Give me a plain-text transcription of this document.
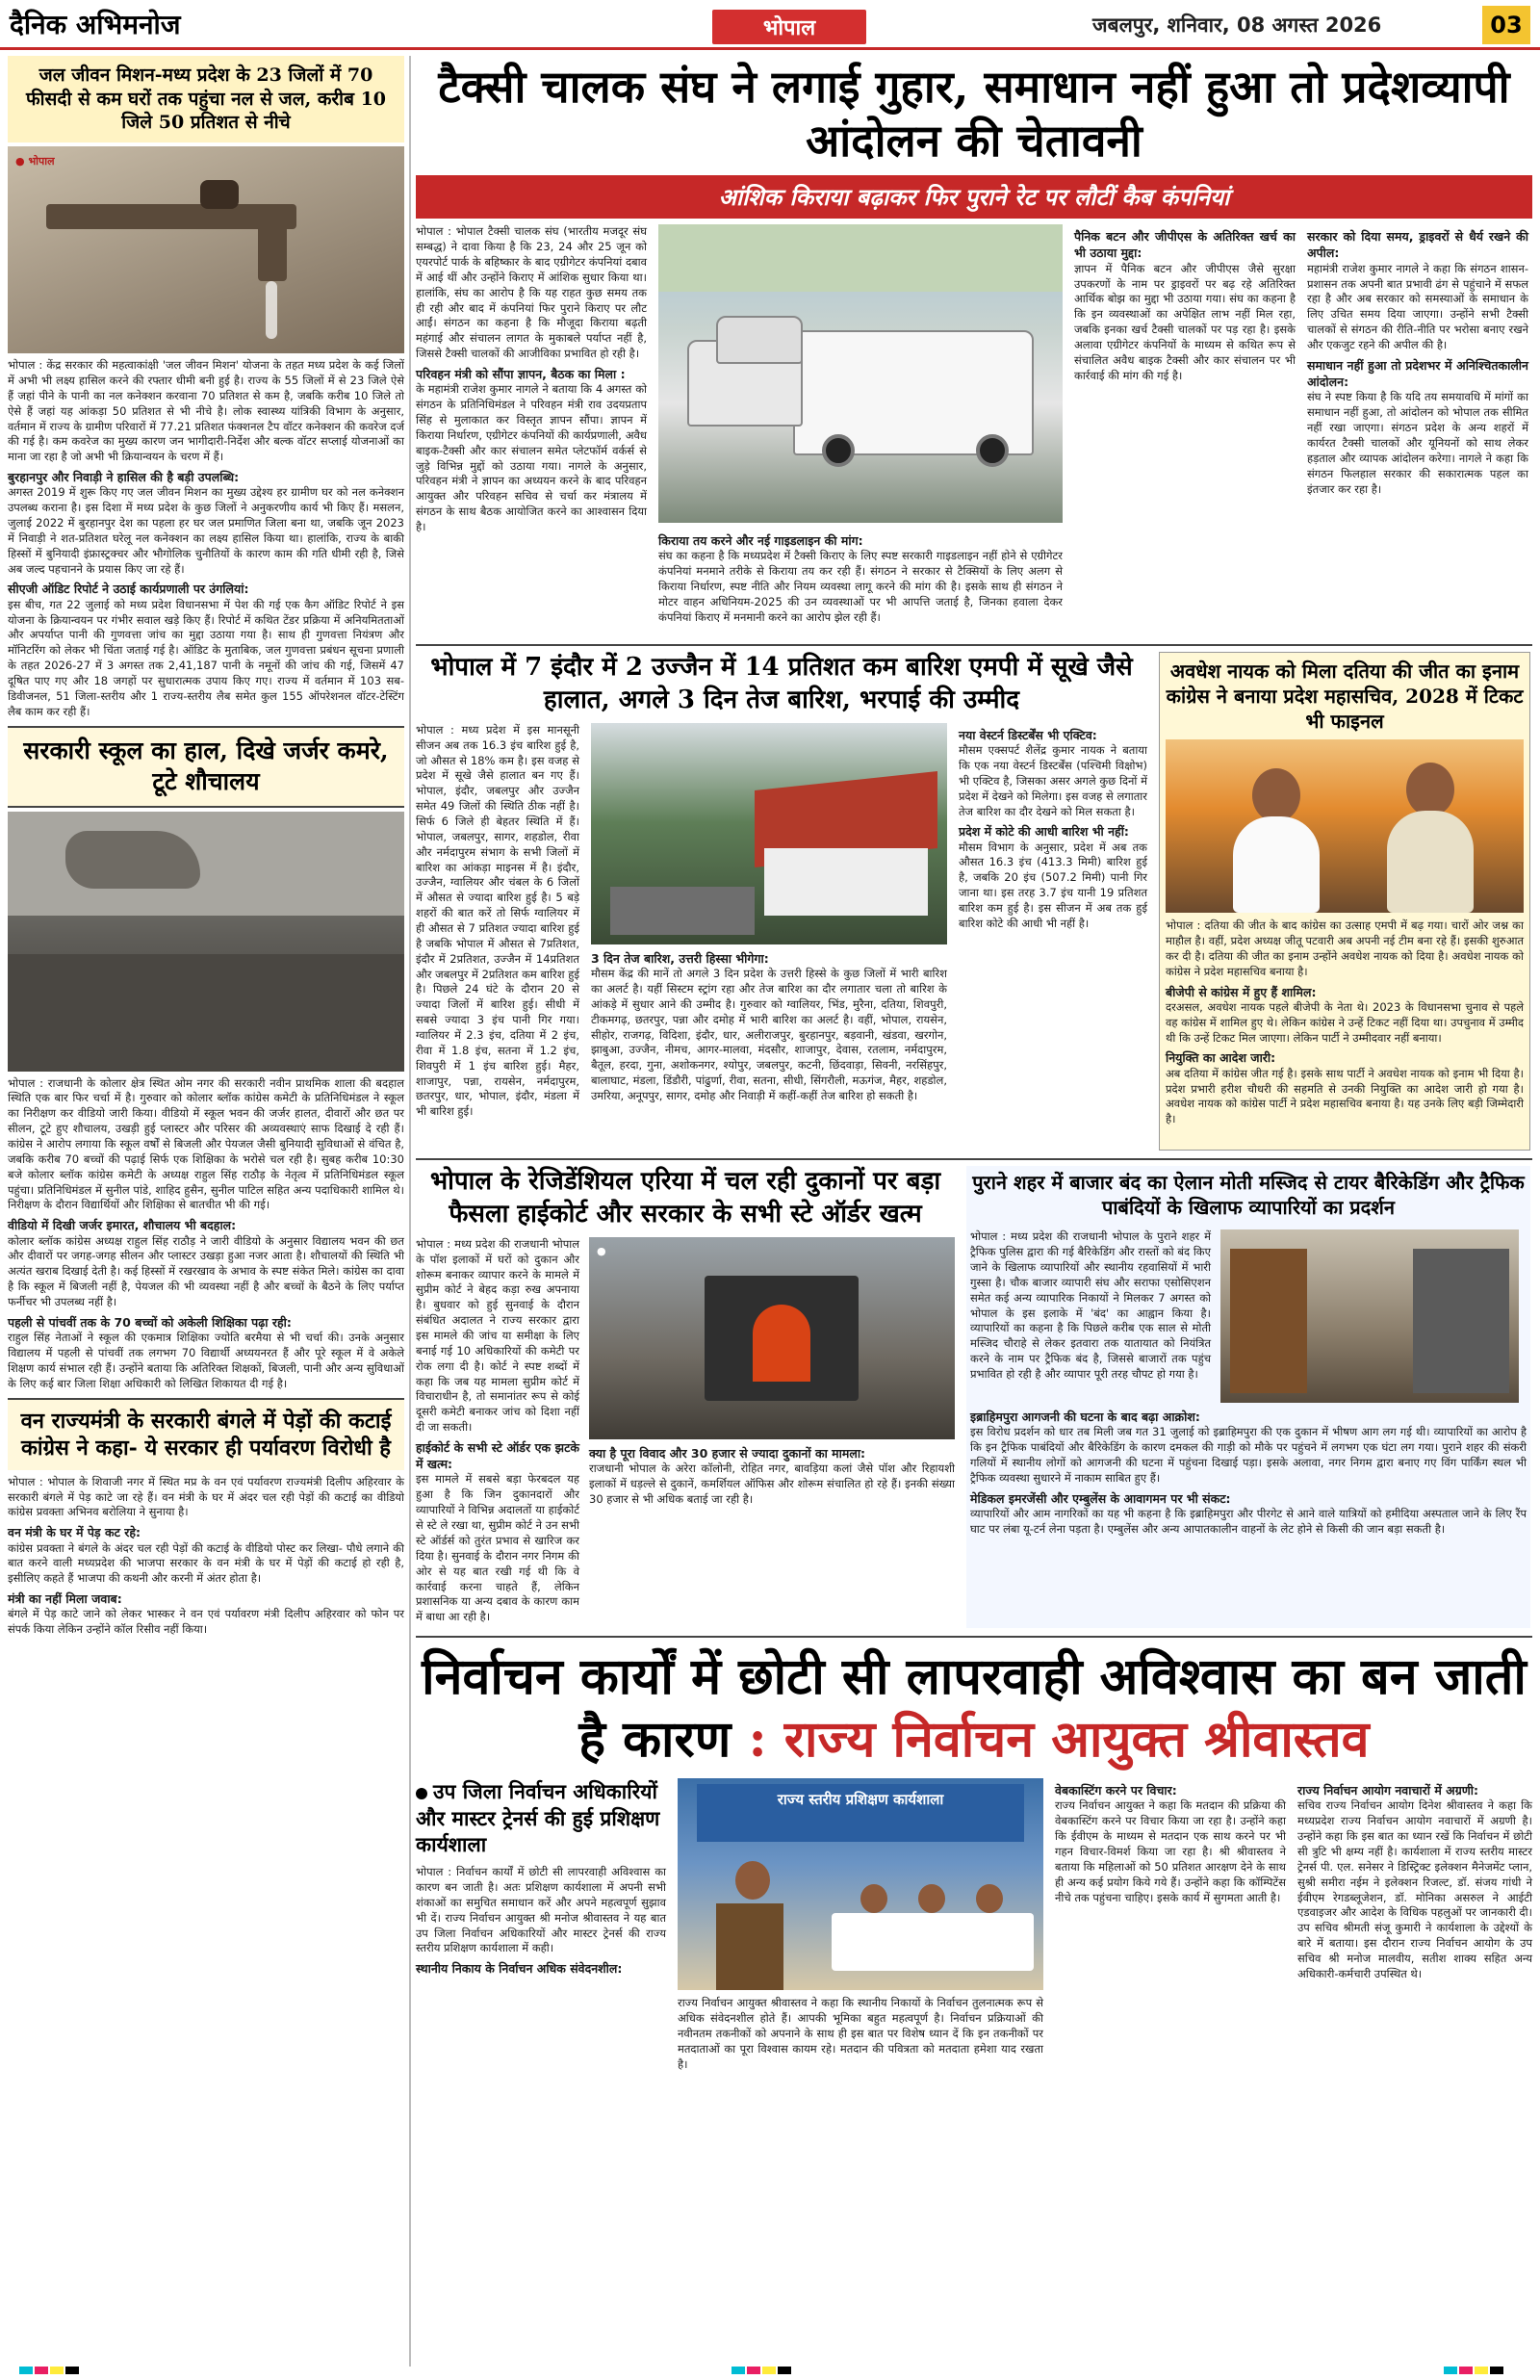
दैनिक अभिमनोज	भोपाल	जबलपुर, शनिवार, 08 अगस्त 2026	03
जल जीवन मिशन-मध्य प्रदेश के 23 जिलों में 70 फीसदी से कम घरों तक पहुंचा नल से जल, करीब 10 जिले 50 प्रतिशत से नीचे
● भोपाल

भोपाल : केंद्र सरकार की महत्वाकांक्षी 'जल जीवन मिशन' योजना के तहत मध्य प्रदेश के कई जिलों में अभी भी लक्ष्य हासिल करने की रफ्तार धीमी बनी हुई है। राज्य के 55 जिलों में से 23 जिले ऐसे हैं जहां पीने के पानी का नल कनेक्शन करवाना 70 प्रतिशत से कम है, जबकि करीब 10 जिले तो ऐसे हैं जहां यह आंकड़ा 50 प्रतिशत से भी नीचे है। लोक स्वास्थ्य यांत्रिकी विभाग के अनुसार, वर्तमान में राज्य के ग्रामीण परिवारों में 77.21 प्रतिशत फंक्शनल टैप वॉटर कनेक्शन की कवरेज दर्ज की गई है। कम कवरेज का मुख्य कारण जन भागीदारी-निर्देश और बल्क वॉटर सप्लाई योजनाओं का माना जा रहा है जो अभी भी क्रियान्वयन के चरण में हैं।

बुरहानपुर और निवाड़ी ने हासिल की है बड़ी उपलब्धि:

अगस्त 2019 में शुरू किए गए जल जीवन मिशन का मुख्य उद्देश्य हर ग्रामीण घर को नल कनेक्शन उपलब्ध कराना है। इस दिशा में मध्य प्रदेश के कुछ जिलों ने अनुकरणीय कार्य भी किए हैं। मसलन, जुलाई 2022 में बुरहानपुर देश का पहला हर घर जल प्रमाणित जिला बना था, जबकि जून 2023 में निवाड़ी ने शत-प्रतिशत घरेलू नल कनेक्शन का लक्ष्य हासिल किया था। हालांकि, राज्य के बाकी हिस्सों में बुनियादी इंफ्रास्ट्रक्चर और भौगोलिक चुनौतियों के कारण काम की गति धीमी रही है, जिसे अब जल्द पहचानने के प्रयास किए जा रहे हैं।

सीएजी ऑडिट रिपोर्ट ने उठाई कार्यप्रणाली पर उंगलियां:

इस बीच, गत 22 जुलाई को मध्य प्रदेश विधानसभा में पेश की गई एक कैग ऑडिट रिपोर्ट ने इस योजना के क्रियान्वयन पर गंभीर सवाल खड़े किए हैं। रिपोर्ट में कथित टेंडर प्रक्रिया में अनियमितताओं और अपर्याप्त पानी की गुणवत्ता जांच का मुद्दा उठाया गया है। साथ ही गुणवत्ता नियंत्रण और मॉनिटरिंग को लेकर भी चिंता जताई गई है। ऑडिट के मुताबिक, जल गुणवत्ता प्रबंधन सूचना प्रणाली के तहत 2026-27 में 3 अगस्त तक 2,41,187 पानी के नमूनों की जांच की गई, जिसमें 47 दूषित पाए गए और 18 जगहों पर सुधारात्मक उपाय किए गए। राज्य में वर्तमान में 103 सब-डिवीजनल, 51 जिला-स्तरीय और 1 राज्य-स्तरीय लैब समेत कुल 155 ऑपरेशनल वॉटर-टेस्टिंग लैब काम कर रही हैं।

सरकारी स्कूल का हाल, दिखे जर्जर कमरे, टूटे शौचालय

भोपाल : राजधानी के कोलार क्षेत्र स्थित ओम नगर की सरकारी नवीन प्राथमिक शाला की बदहाल स्थिति एक बार फिर चर्चा में है। गुरुवार को कोलार ब्लॉक कांग्रेस कमेटी के प्रतिनिधिमंडल ने स्कूल का निरीक्षण कर वीडियो जारी किया। वीडियो में स्कूल भवन की जर्जर हालत, दीवारों और छत पर सीलन, टूटे हुए शौचालय, उखड़ी हुई प्लास्टर और परिसर की अव्यवस्थाएं साफ दिखाई दे रही हैं। कांग्रेस ने आरोप लगाया कि स्कूल वर्षों से बिजली और पेयजल जैसी बुनियादी सुविधाओं से वंचित है, जबकि करीब 70 बच्चों की पढ़ाई सिर्फ एक शिक्षिका के भरोसे चल रही है। सुबह करीब 10:30 बजे कोलार ब्लॉक कांग्रेस कमेटी के अध्यक्ष राहुल सिंह राठौड़ के नेतृत्व में प्रतिनिधिमंडल स्कूल पहुंचा। प्रतिनिधिमंडल में सुनील पांडे, शाहिद हुसैन, सुनील पाटिल सहित अन्य पदाधिकारी शामिल थे। निरीक्षण के दौरान विद्यार्थियों और शिक्षिका से बातचीत भी की गई।

वीडियो में दिखी जर्जर इमारत, शौचालय भी बदहाल:

कोलार ब्लॉक कांग्रेस अध्यक्ष राहुल सिंह राठौड़ ने जारी वीडियो के अनुसार विद्यालय भवन की छत और दीवारों पर जगह-जगह सीलन और प्लास्टर उखड़ा हुआ नजर आता है। शौचालयों की स्थिति भी अत्यंत खराब दिखाई देती है। कई हिस्सों में रखरखाव के अभाव के स्पष्ट संकेत मिले। कांग्रेस का दावा है कि स्कूल में बिजली नहीं है, पेयजल की भी व्यवस्था नहीं है और बच्चों के बैठने के लिए पर्याप्त फर्नीचर भी उपलब्ध नहीं है।

पहली से पांचवीं तक के 70 बच्चों को अकेली शिक्षिका पढ़ा रही:

राहुल सिंह नेताओं ने स्कूल की एकमात्र शिक्षिका ज्योति बरमैया से भी चर्चा की। उनके अनुसार विद्यालय में पहली से पांचवीं तक लगभग 70 विद्यार्थी अध्ययनरत हैं और पूरे स्कूल में वे अकेले शिक्षण कार्य संभाल रही हैं। उन्होंने बताया कि अतिरिक्त शिक्षकों, बिजली, पानी और अन्य सुविधाओं के लिए कई बार जिला शिक्षा अधिकारी को लिखित शिकायत दी गई है।

वन राज्यमंत्री के सरकारी बंगले में पेड़ों की कटाई कांग्रेस ने कहा- ये सरकार ही पर्यावरण विरोधी है

भोपाल : भोपाल के शिवाजी नगर में स्थित मप्र के वन एवं पर्यावरण राज्यमंत्री दिलीप अहिरवार के सरकारी बंगले में पेड़ काटे जा रहे हैं। वन मंत्री के घर में अंदर चल रही पेड़ों की कटाई का वीडियो कांग्रेस प्रवक्ता अभिनव बरोलिया ने सुनाया है।

वन मंत्री के घर में पेड़ कट रहे:

कांग्रेस प्रवक्ता ने बंगले के अंदर चल रही पेड़ों की कटाई के वीडियो पोस्ट कर लिखा- पौधे लगाने की बात करने वाली मध्यप्रदेश की भाजपा सरकार के वन मंत्री के घर में पेड़ों की कटाई हो रही है, इसीलिए कहते हैं भाजपा की कथनी और करनी में अंतर होता है।

मंत्री का नहीं मिला जवाब:

बंगले में पेड़ काटे जाने को लेकर भास्कर ने वन एवं पर्यावरण मंत्री दिलीप अहिरवार को फोन पर संपर्क किया लेकिन उन्होंने कॉल रिसीव नहीं किया।

टैक्सी चालक संघ ने लगाई गुहार, समाधान नहीं हुआ तो प्रदेशव्यापी आंदोलन की चेतावनी
आंशिक किराया बढ़ाकर फिर पुराने रेट पर लौटीं कैब कंपनियां

भोपाल : भोपाल टैक्सी चालक संघ (भारतीय मजदूर संघ सम्बद्ध) ने दावा किया है कि 23, 24 और 25 जून को एयरपोर्ट पार्क के बहिष्कार के बाद एग्रीगेटर कंपनियां दबाव में आई थीं और उन्होंने किराए में आंशिक सुधार किया था। हालांकि, संघ का आरोप है कि यह राहत कुछ समय तक ही रही और बाद में कंपनियां फिर पुराने किराए पर लौट आईं। संगठन का कहना है कि मौजूदा किराया बढ़ती महंगाई और संचालन लागत के मुकाबले पर्याप्त नहीं है, जिससे टैक्सी चालकों की आजीविका प्रभावित हो रही है।

परिवहन मंत्री को सौंपा ज्ञापन, बैठक का मिला :

के महामंत्री राजेश कुमार नागले ने बताया कि 4 अगस्त को संगठन के प्रतिनिधिमंडल ने परिवहन मंत्री राव उदयप्रताप सिंह से मुलाकात कर विस्तृत ज्ञापन सौंपा। ज्ञापन में किराया निर्धारण, एग्रीगेटर कंपनियों की कार्यप्रणाली, अवैध बाइक-टैक्सी और कार संचालन समेत प्लेटफॉर्म वर्कर्स से जुड़े विभिन्न मुद्दों को उठाया गया। नागले के अनुसार, परिवहन मंत्री ने ज्ञापन का अध्ययन करने के बाद परिवहन आयुक्त और परिवहन सचिव से चर्चा कर मंत्रालय में संगठन के साथ बैठक आयोजित करने का आश्वासन दिया है।

किराया तय करने और नई गाइडलाइन की मांग:

संघ का कहना है कि मध्यप्रदेश में टैक्सी किराए के लिए स्पष्ट सरकारी गाइडलाइन नहीं होने से एग्रीगेटर कंपनियां मनमाने तरीके से किराया तय कर रही हैं। संगठन ने सरकार से टैक्सियों के लिए अलग से किराया निर्धारण, स्पष्ट नीति और नियम व्यवस्था लागू करने की मांग की है। इसके साथ ही संगठन ने मोटर वाहन अधिनियम-2025 की उन व्यवस्थाओं पर भी आपत्ति जताई है, जिनका हवाला देकर कंपनियां किराए में मनमानी करने का आरोप झेल रही हैं।

पैनिक बटन और जीपीएस के अतिरिक्त खर्च का भी उठाया मुद्दा:

ज्ञापन में पैनिक बटन और जीपीएस जैसे सुरक्षा उपकरणों के नाम पर ड्राइवरों पर बढ़ रहे अतिरिक्त आर्थिक बोझ का मुद्दा भी उठाया गया। संघ का कहना है कि इन व्यवस्थाओं का अपेक्षित लाभ नहीं मिल रहा, जबकि इनका खर्च टैक्सी चालकों पर पड़ रहा है। इसके अलावा एग्रीगेटर कंपनियों के माध्यम से कथित रूप से संचालित अवैध बाइक टैक्सी और कार संचालन पर भी कार्रवाई की मांग की गई है।

सरकार को दिया समय, ड्राइवरों से धैर्य रखने की अपील:

महामंत्री राजेश कुमार नागले ने कहा कि संगठन शासन-प्रशासन तक अपनी बात प्रभावी ढंग से पहुंचाने में सफल रहा है और अब सरकार को समस्याओं के समाधान के लिए उचित समय दिया जाएगा। उन्होंने सभी टैक्सी चालकों से संगठन की रीति-नीति पर भरोसा बनाए रखने और एकजुट रहने की अपील की है।

समाधान नहीं हुआ तो प्रदेशभर में अनिश्चितकालीन आंदोलन:

संघ ने स्पष्ट किया है कि यदि तय समयावधि में मांगों का समाधान नहीं हुआ, तो आंदोलन को भोपाल तक सीमित नहीं रखा जाएगा। संगठन प्रदेश के अन्य शहरों में कार्यरत टैक्सी चालकों और यूनियनों को साथ लेकर हड़ताल और व्यापक आंदोलन करेगा। नागले ने कहा कि संगठन फिलहाल सरकार की सकारात्मक पहल का इंतजार कर रहा है।

भोपाल में 7 इंदौर में 2 उज्जैन में 14 प्रतिशत कम बारिश एमपी में सूखे जैसे हालात, अगले 3 दिन तेज बारिश, भरपाई की उम्मीद

भोपाल : मध्य प्रदेश में इस मानसूनी सीजन अब तक 16.3 इंच बारिश हुई है, जो औसत से 18% कम है। इस वजह से प्रदेश में सूखे जैसे हालात बन गए हैं। भोपाल, इंदौर, जबलपुर और उज्जैन समेत 49 जिलों की स्थिति ठीक नहीं है। सिर्फ 6 जिले ही बेहतर स्थिति में हैं। भोपाल, जबलपुर, सागर, शहडोल, रीवा और नर्मदापुरम संभाग के सभी जिलों में बारिश का आंकड़ा माइनस में है। इंदौर, उज्जैन, ग्वालियर और चंबल के 6 जिलों में औसत से ज्यादा बारिश हुई है। 5 बड़े शहरों की बात करें तो सिर्फ ग्वालियर में ही औसत से 7 प्रतिशत ज्यादा बारिश हुई है जबकि भोपाल में औसत से 7प्रतिशत, इंदौर में 2प्रतिशत, उज्जैन में 14प्रतिशत और जबलपुर में 2प्रतिशत कम बारिश हुई है। पिछले 24 घंटे के दौरान 20 से ज्यादा जिलों में बारिश हुई। सीधी में सबसे ज्यादा 3 इंच पानी गिर गया। ग्वालियर में 2.3 इंच, दतिया में 2 इंच, रीवा में 1.8 इंच, सतना में 1.2 इंच, शिवपुरी में 1 इंच बारिश हुई। मैहर, शाजापुर, पन्ना, रायसेन, नर्मदापुरम, छतरपुर, धार, भोपाल, इंदौर, मंडला में भी बारिश हुई।

3 दिन तेज बारिश, उत्तरी हिस्सा भीगेगा:

मौसम केंद्र की मानें तो अगले 3 दिन प्रदेश के उत्तरी हिस्से के कुछ जिलों में भारी बारिश का अलर्ट है। यहीं सिस्टम स्ट्रांग रहा और तेज बारिश का दौर लगातार चला तो बारिश के आंकड़े में सुधार आने की उम्मीद है। गुरुवार को ग्वालियर, भिंड, मुरैना, दतिया, शिवपुरी, टीकमगढ़, छतरपुर, पन्ना और दमोह में भारी बारिश का अलर्ट है। वहीं, भोपाल, रायसेन, सीहोर, राजगढ़, विदिशा, इंदौर, धार, अलीराजपुर, बुरहानपुर, बड़वानी, खंडवा, खरगोन, झाबुआ, उज्जैन, नीमच, आगर-मालवा, मंदसौर, शाजापुर, देवास, रतलाम, नर्मदापुरम, बैतूल, हरदा, गुना, अशोकनगर, श्योपुर, जबलपुर, कटनी, छिंदवाड़ा, सिवनी, नरसिंहपुर, बालाघाट, मंडला, डिंडौरी, पांढुर्णा, रीवा, सतना, सीधी, सिंगरौली, मऊगंज, मैहर, शहडोल, उमरिया, अनूपपुर, सागर, दमोह और निवाड़ी में कहीं-कहीं तेज बारिश हो सकती है।

नया वेस्टर्न डिस्टर्बेंस भी एक्टिव:

मौसम एक्सपर्ट शैलेंद्र कुमार नायक ने बताया कि एक नया वेस्टर्न डिस्टर्बेंस (पश्चिमी विक्षोभ) भी एक्टिव है, जिसका असर अगले कुछ दिनों में प्रदेश में देखने को मिलेगा। इस वजह से लगातार तेज बारिश का दौर देखने को मिल सकता है।

प्रदेश में कोटे की आधी बारिश भी नहीं:

मौसम विभाग के अनुसार, प्रदेश में अब तक औसत 16.3 इंच (413.3 मिमी) बारिश हुई है, जबकि 20 इंच (507.2 मिमी) पानी गिर जाना था। इस तरह 3.7 इंच यानी 19 प्रतिशत बारिश कम हुई है। इस सीजन में अब तक हुई बारिश कोटे की आधी भी नहीं है।

अवधेश नायक को मिला दतिया की जीत का इनाम कांग्रेस ने बनाया प्रदेश महासचिव, 2028 में टिकट भी फाइनल

भोपाल : दतिया की जीत के बाद कांग्रेस का उत्साह एमपी में बढ़ गया। चारों ओर जश्न का माहौल है। वहीं, प्रदेश अध्यक्ष जीतू पटवारी अब अपनी नई टीम बना रहे हैं। इसकी शुरुआत कर दी है। दतिया की जीत का इनाम उन्होंने अवधेश नायक को दिया है। अवधेश नायक को कांग्रेस ने प्रदेश महासचिव बनाया है।

बीजेपी से कांग्रेस में हुए हैं शामिल:

दरअसल, अवधेश नायक पहले बीजेपी के नेता थे। 2023 के विधानसभा चुनाव से पहले वह कांग्रेस में शामिल हुए थे। लेकिन कांग्रेस ने उन्हें टिकट नहीं दिया था। उपचुनाव में उम्मीद थी कि उन्हें टिकट मिल जाएगा। लेकिन पार्टी ने उम्मीदवार नहीं बनाया।

नियुक्ति का आदेश जारी:

अब दतिया में कांग्रेस जीत गई है। इसके साथ पार्टी ने अवधेश नायक को इनाम भी दिया है। प्रदेश प्रभारी हरीश चौधरी की सहमति से उनकी नियुक्ति का आदेश जारी हो गया है। अवधेश नायक को कांग्रेस पार्टी ने प्रदेश महासचिव बनाया है। यह उनके लिए बड़ी जिम्मेदारी है।

भोपाल के रेजिडेंशियल एरिया में चल रही दुकानों पर बड़ा फैसला हाईकोर्ट और सरकार के सभी स्टे ऑर्डर खत्म

भोपाल : मध्य प्रदेश की राजधानी भोपाल के पॉश इलाकों में घरों को दुकान और शोरूम बनाकर व्यापार करने के मामले में सुप्रीम कोर्ट ने बेहद कड़ा रुख अपनाया है। बुधवार को हुई सुनवाई के दौरान संबंधित अदालत ने राज्य सरकार द्वारा इस मामले की जांच या समीक्षा के लिए बनाई गई 10 अधिकारियों की कमेटी पर रोक लगा दी है। कोर्ट ने स्पष्ट शब्दों में कहा कि जब यह मामला सुप्रीम कोर्ट में विचाराधीन है, तो समानांतर रूप से कोई दूसरी कमेटी बनाकर जांच को दिशा नहीं दी जा सकती।

हाईकोर्ट के सभी स्टे ऑर्डर एक झटके में खत्म:

इस मामले में सबसे बड़ा फेरबदल यह हुआ है कि जिन दुकानदारों और व्यापारियों ने विभिन्न अदालतों या हाईकोर्ट से स्टे ले रखा था, सुप्रीम कोर्ट ने उन सभी स्टे ऑर्डर्स को तुरंत प्रभाव से खारिज कर दिया है। सुनवाई के दौरान नगर निगम की ओर से यह बात रखी गई थी कि वे कार्रवाई करना चाहते हैं, लेकिन प्रशासनिक या अन्य दबाव के कारण काम में बाधा आ रही है।

●

क्या है पूरा विवाद और 30 हजार से ज्यादा दुकानों का मामला:

राजधानी भोपाल के अरेरा कॉलोनी, रोहित नगर, बावड़िया कलां जैसे पॉश और रिहायशी इलाकों में धड़ल्ले से दुकानें, कमर्शियल ऑफिस और शोरूम संचालित हो रहे हैं। इनकी संख्या 30 हजार से भी अधिक बताई जा रही है।

पुराने शहर में बाजार बंद का ऐलान मोती मस्जिद से टायर बैरिकेडिंग और ट्रैफिक पाबंदियों के खिलाफ व्यापारियों का प्रदर्शन

भोपाल : मध्य प्रदेश की राजधानी भोपाल के पुराने शहर में ट्रैफिक पुलिस द्वारा की गई बैरिकेडिंग और रास्तों को बंद किए जाने के खिलाफ व्यापारियों और स्थानीय रहवासियों में भारी गुस्सा है। चौक बाजार व्यापारी संघ और सराफा एसोसिएशन समेत कई अन्य व्यापारिक निकायों ने मिलकर 7 अगस्त को भोपाल के इस इलाके में 'बंद' का आह्वान किया है। व्यापारियों का कहना है कि पिछले करीब एक साल से मोती मस्जिद चौराहे से लेकर इतवारा तक यातायात को नियंत्रित करने के नाम पर ट्रैफिक बंद है, जिससे बाजारों तक पहुंच प्रभावित हो रही है और व्यापार पूरी तरह चौपट हो गया है।

इब्राहिमपुरा आगजनी की घटना के बाद बढ़ा आक्रोश:

इस विरोध प्रदर्शन को धार तब मिली जब गत 31 जुलाई को इब्राहिमपुरा की एक दुकान में भीषण आग लग गई थी। व्यापारियों का आरोप है कि इन ट्रैफिक पाबंदियों और बैरिकेडिंग के कारण दमकल की गाड़ी को मौके पर पहुंचने में लगभग एक घंटा लग गया। पुराने शहर की संकरी गलियों में स्थानीय लोगों को आगजनी की घटना में पहुंचना दिखाई पड़ा। इसके अलावा, नगर निगम द्वारा बनाए गए विंग पार्किंग स्थल भी ट्रैफिक व्यवस्था सुधारने में नाकाम साबित हुए हैं।

मेडिकल इमरजेंसी और एम्बुलेंस के आवागमन पर भी संकट:

व्यापारियों और आम नागरिकों का यह भी कहना है कि इब्राहिमपुरा और पीरगेट से आने वाले यात्रियों को हमीदिया अस्पताल जाने के लिए रैंप घाट पर लंबा यू-टर्न लेना पड़ता है। एम्बुलेंस और अन्य आपातकालीन वाहनों के लेट होने से किसी की जान बड़ा सकती है।

निर्वाचन कार्यों में छोटी सी लापरवाही अविश्वास का बन जाती है कारण : राज्य निर्वाचन आयुक्त श्रीवास्तव
उप जिला निर्वाचन अधिकारियों और मास्टर ट्रेनर्स की हुई प्रशिक्षण कार्यशाला

भोपाल : निर्वाचन कार्यों में छोटी सी लापरवाही अविश्वास का कारण बन जाती है। अतः प्रशिक्षण कार्यशाला में अपनी सभी शंकाओं का समुचित समाधान करें और अपने महत्वपूर्ण सुझाव भी दें। राज्य निर्वाचन आयुक्त श्री मनोज श्रीवास्तव ने यह बात उप जिला निर्वाचन अधिकारियों और मास्टर ट्रेनर्स की राज्य स्तरीय प्रशिक्षण कार्यशाला में कही।

स्थानीय निकाय के निर्वाचन अधिक संवेदनशील:

राज्य स्तरीय प्रशिक्षण कार्यशाला

राज्य निर्वाचन आयुक्त श्रीवास्तव ने कहा कि स्थानीय निकायों के निर्वाचन तुलनात्मक रूप से अधिक संवेदनशील होते हैं। आपकी भूमिका बहुत महत्वपूर्ण है। निर्वाचन प्रक्रियाओं की नवीनतम तकनीकों को अपनाने के साथ ही इस बात पर विशेष ध्यान दें कि इन तकनीकों पर मतदाताओं का पूरा विश्वास कायम रहे। मतदान की पवित्रता को मतदाता हमेशा याद रखता है।

वेबकास्टिंग करने पर विचार:

राज्य निर्वाचन आयुक्त ने कहा कि मतदान की प्रक्रिया की वेबकास्टिंग करने पर विचार किया जा रहा है। उन्होंने कहा कि ईवीएम के माध्यम से मतदान एक साथ करने पर भी गहन विचार-विमर्श किया जा रहा है। श्री श्रीवास्तव ने बताया कि महिलाओं को 50 प्रतिशत आरक्षण देने के साथ ही अन्य कई प्रयोग किये गये हैं। उन्होंने कहा कि कॉम्पिटेंस नीचे तक पहुंचना चाहिए। इसके कार्य में सुगमता आती है।

राज्य निर्वाचन आयोग नवाचारों में अग्रणी:

सचिव राज्य निर्वाचन आयोग दिनेश श्रीवास्तव ने कहा कि मध्यप्रदेश राज्य निर्वाचन आयोग नवाचारों में अग्रणी है। उन्होंने कहा कि इस बात का ध्यान रखें कि निर्वाचन में छोटी सी त्रुटि भी क्षम्य नहीं है। कार्यशाला में राज्य स्तरीय मास्टर ट्रेनर्स पी. एल. सनेसर ने डिस्ट्रिक्ट इलेक्शन मैनेजमेंट प्लान, सुश्री समीरा नईम ने इलेक्शन रिजल्ट, डॉ. संजय गांधी ने ईवीएम रेगडब्लूजेशन, डॉ. मोनिका असरुल ने आईटी एडवाइजर और आदेश के विधिक पहलुओं पर जानकारी दी। उप सचिव श्रीमती संजू कुमारी ने कार्यशाला के उद्देश्यों के बारे में बताया। इस दौरान राज्य निर्वाचन आयोग के उप सचिव श्री मनोज मालवीय, सतीश शाक्य सहित अन्य अधिकारी-कर्मचारी उपस्थित थे।
